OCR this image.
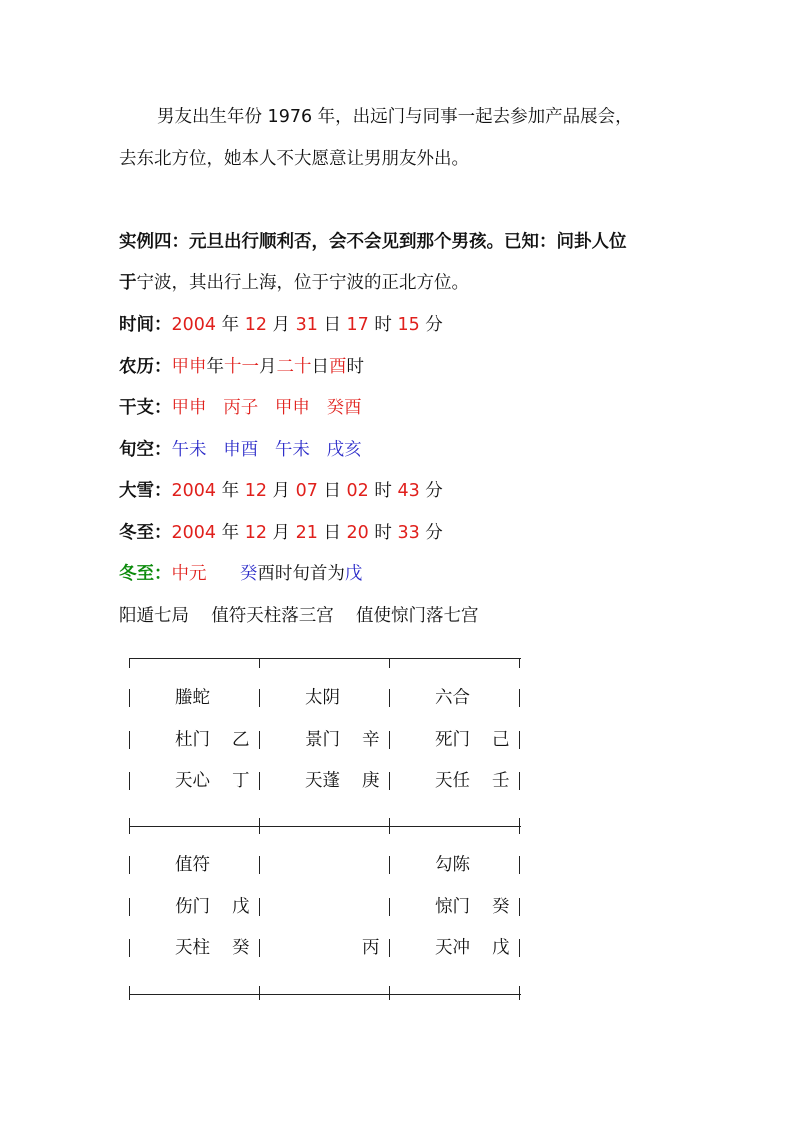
男友出生年份 1976 年，出远门与同事一起去参加产品展会，
去东北方位，她本人不大愿意让男朋友外出。
实例四：元旦出行顺利否，会不会见到那个男孩。已知：问卦人位
于宁波，其出行上海，位于宁波的正北方位。
时间：2004 年 12 月 31 日 17 时 15 分
农历：甲申年十一月二十日酉时
干支：甲申 丙子 甲申 癸酉
旬空：午未 申酉 午未 戌亥
大雪：2004 年 12 月 07 日 02 时 43 分
冬至：2004 年 12 月 21 日 20 时 33 分
冬至：中元 癸酉时旬首为戊
阳遁七局    值符天柱落三宫    值使惊门落七宫
螣蛇
杜门 乙
天心 丁
太阴
景门 辛
天蓬 庚
六合
死门 己
天任 壬
值符
伤门 戊
天柱 癸	丙
勾陈
惊门 癸
天冲 戊
